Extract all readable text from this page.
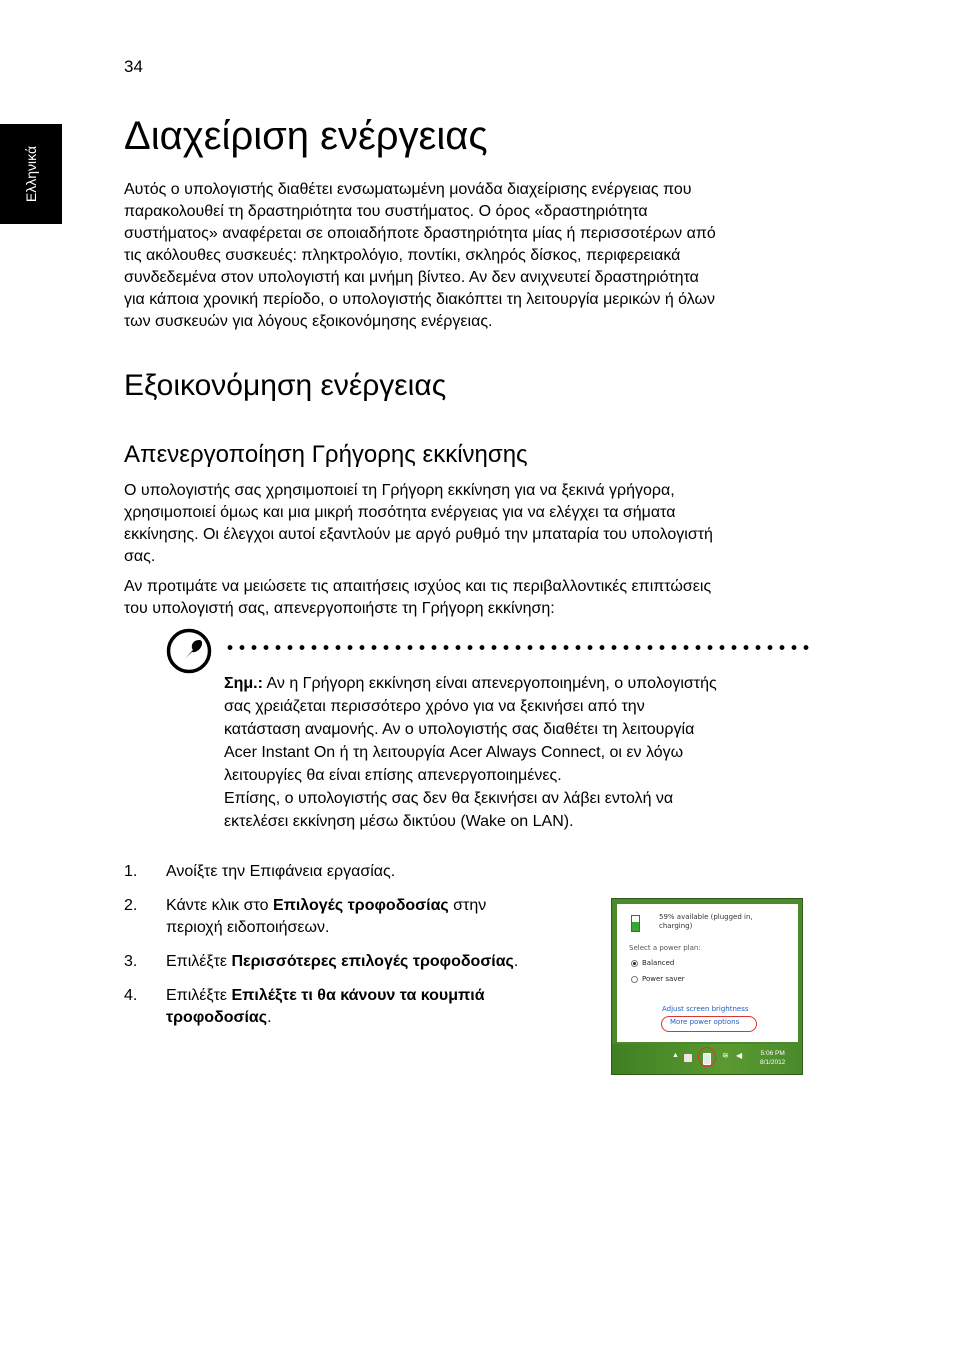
34
Ελληνικά
Διαχείριση ενέργειας

Αυτός ο υπολογιστής διαθέτει ενσωματωμένη μονάδα διαχείρισης ενέργειας που
παρακολουθεί τη δραστηριότητα του συστήματος. Ο όρος «δραστηριότητα
συστήματος» αναφέρεται σε οποιαδήποτε δραστηριότητα μίας ή περισσοτέρων από
τις ακόλουθες συσκευές: πληκτρολόγιο, ποντίκι, σκληρός δίσκος, περιφερειακά
συνδεδεμένα στον υπολογιστή και μνήμη βίντεο. Αν δεν ανιχνευτεί δραστηριότητα
για κάποια χρονική περίοδο, ο υπολογιστής διακόπτει τη λειτουργία μερικών ή όλων
των συσκευών για λόγους εξοικονόμησης ενέργειας.

Εξοικονόμηση ενέργειας
Απενεργοποίηση Γρήγορης εκκίνησης

Ο υπολογιστής σας χρησιμοποιεί τη Γρήγορη εκκίνηση για να ξεκινά γρήγορα,
χρησιμοποιεί όμως και μια μικρή ποσότητα ενέργειας για να ελέγχει τα σήματα
εκκίνησης. Οι έλεγχοι αυτοί εξαντλούν με αργό ρυθμό την μπαταρία του υπολογιστή
σας.

Αν προτιμάτε να μειώσετε τις απαιτήσεις ισχύος και τις περιβαλλοντικές επιπτώσεις
του υπολογιστή σας, απενεργοποιήστε τη Γρήγορη εκκίνηση:

Σημ.: Αν η Γρήγορη εκκίνηση είναι απενεργοποιημένη, ο υπολογιστής
σας χρειάζεται περισσότερο χρόνο για να ξεκινήσει από την
κατάσταση αναμονής. Αν ο υπολογιστής σας διαθέτει τη λειτουργία
Acer Instant On ή τη λειτουργία Acer Always Connect, οι εν λόγω
λειτουργίες θα είναι επίσης απενεργοποιημένες.
Επίσης, ο υπολογιστής σας δεν θα ξεκινήσει αν λάβει εντολή να
εκτελέσει εκκίνηση μέσω δικτύου (Wake on LAN).
1. Ανοίξτε την Επιφάνεια εργασίας.
2. Κάντε κλικ στο Επιλογές τροφοδοσίας στην
περιοχή ειδοποιήσεων.
3. Επιλέξτε Περισσότερες επιλογές τροφοδοσίας.
4. Επιλέξτε Επιλέξτε τι θα κάνουν τα κουμπιά
τροφοδοσίας.
59% available (plugged in,
charging)
Select a power plan:
Balanced
Power saver
Adjust screen brightness
More power options
▲	≋ ◀	5:06 PM
8/1/2012
